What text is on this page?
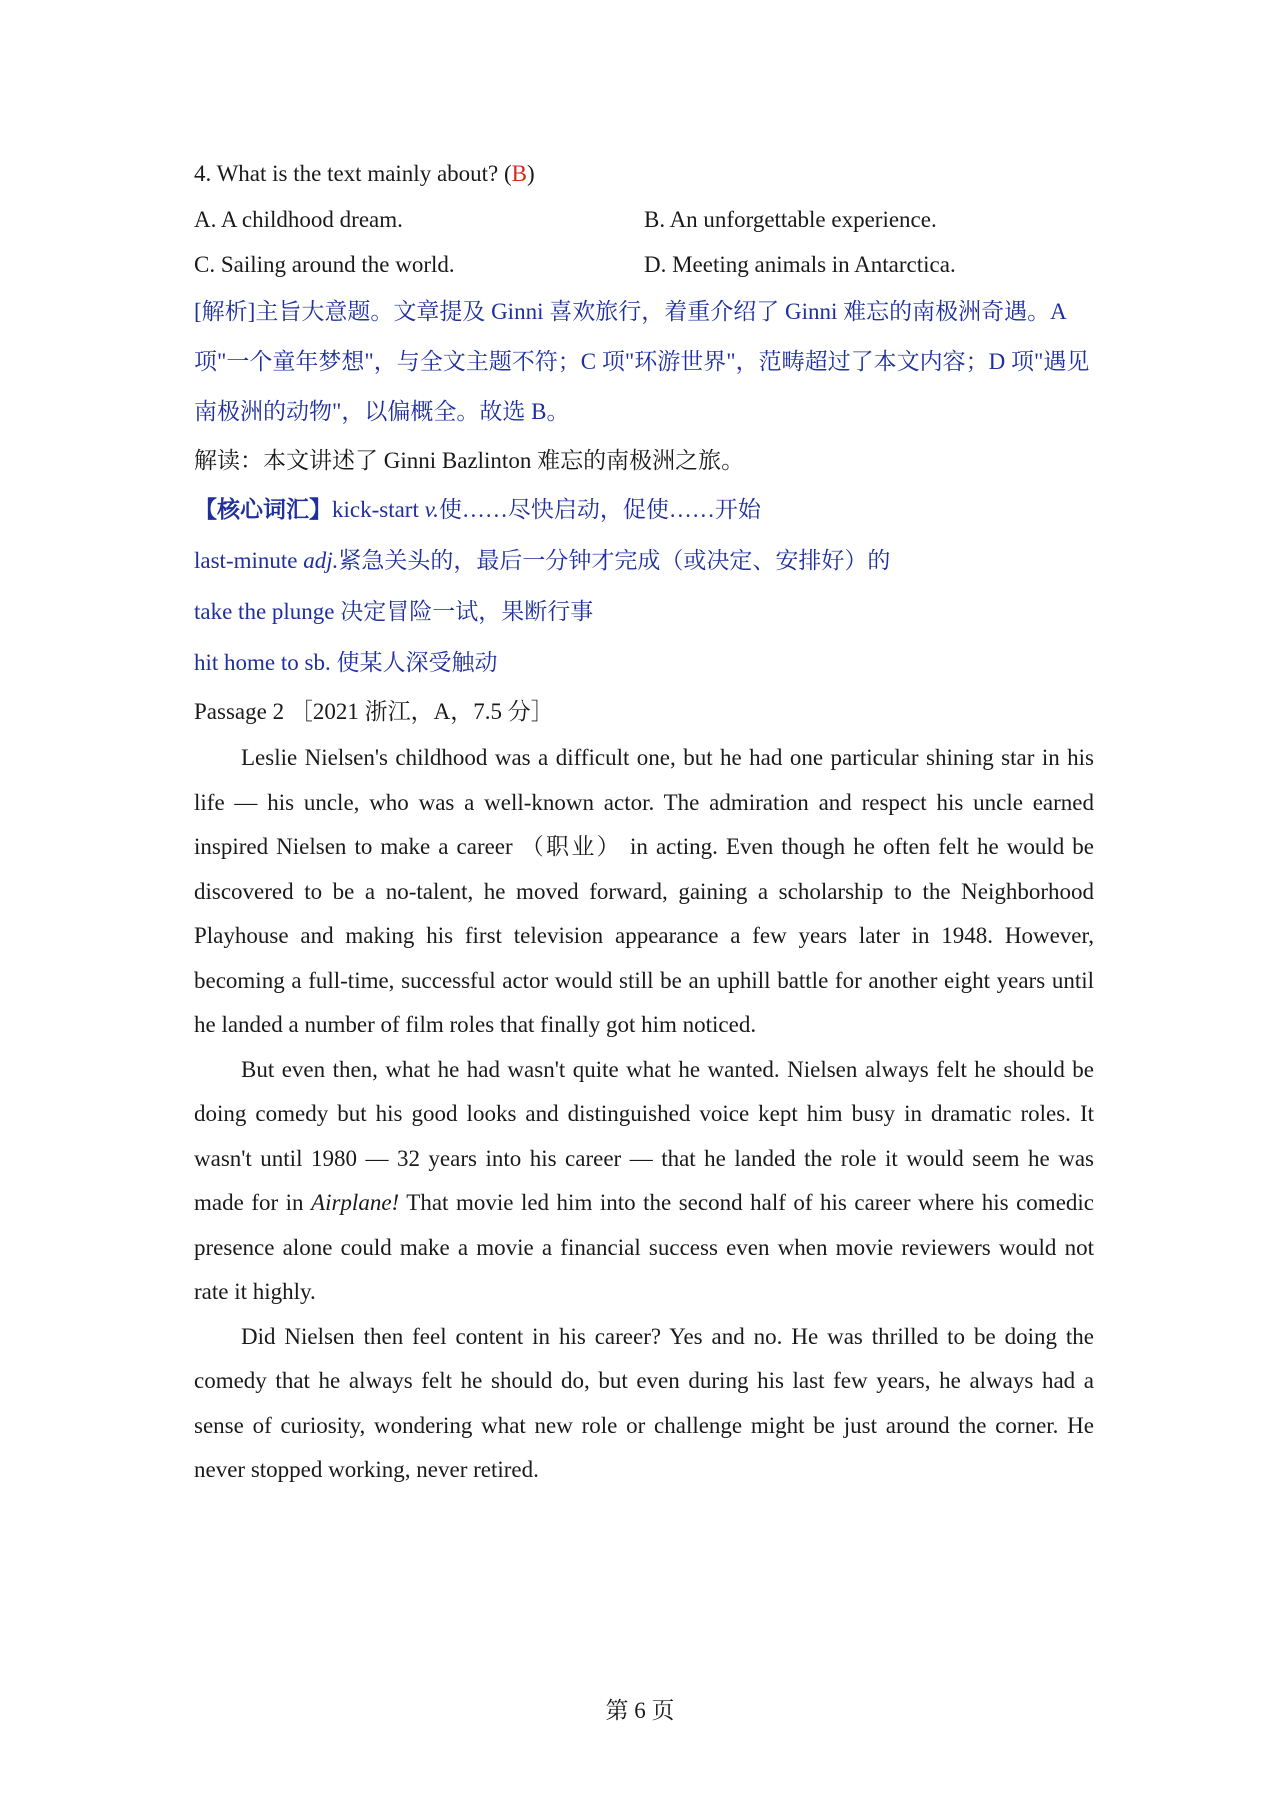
4. What is the text mainly about? (B)
A. A childhood dream.	B. An unforgettable experience.
C. Sailing around the world.	D. Meeting animals in Antarctica.

[解析]主旨大意题。文章提及 Ginni 喜欢旅行，着重介绍了 Ginni 难忘的南极洲奇遇。A 项"一个童年梦想"，与全文主题不符；C 项"环游世界"，范畴超过了本文内容；D 项"遇见南极洲的动物"，以偏概全。故选 B。

解读：本文讲述了 Ginni Bazlinton 难忘的南极洲之旅。
【核心词汇】kick-start v.使……尽快启动，促使……开始
last-minute adj.紧急关头的，最后一分钟才完成（或决定、安排好）的
take the plunge 决定冒险一试，果断行事
hit home to sb. 使某人深受触动
Passage 2 ［2021 浙江，A，7.5 分］

Leslie Nielsen's childhood was a difficult one, but he had one particular shining star in his life — his uncle, who was a well-known actor. The admiration and respect his uncle earned inspired Nielsen to make a career （职业） in acting. Even though he often felt he would be discovered to be a no-talent, he moved forward, gaining a scholarship to the Neighborhood Playhouse and making his first television appearance a few years later in 1948. However, becoming a full-time, successful actor would still be an uphill battle for another eight years until he landed a number of film roles that finally got him noticed.

But even then, what he had wasn't quite what he wanted. Nielsen always felt he should be doing comedy but his good looks and distinguished voice kept him busy in dramatic roles. It wasn't until 1980 — 32 years into his career — that he landed the role it would seem he was made for in Airplane! That movie led him into the second half of his career where his comedic presence alone could make a movie a financial success even when movie reviewers would not rate it highly.

Did Nielsen then feel content in his career? Yes and no. He was thrilled to be doing the comedy that he always felt he should do, but even during his last few years, he always had a sense of curiosity, wondering what new role or challenge might be just around the corner. He never stopped working, never retired.

第 6 页
